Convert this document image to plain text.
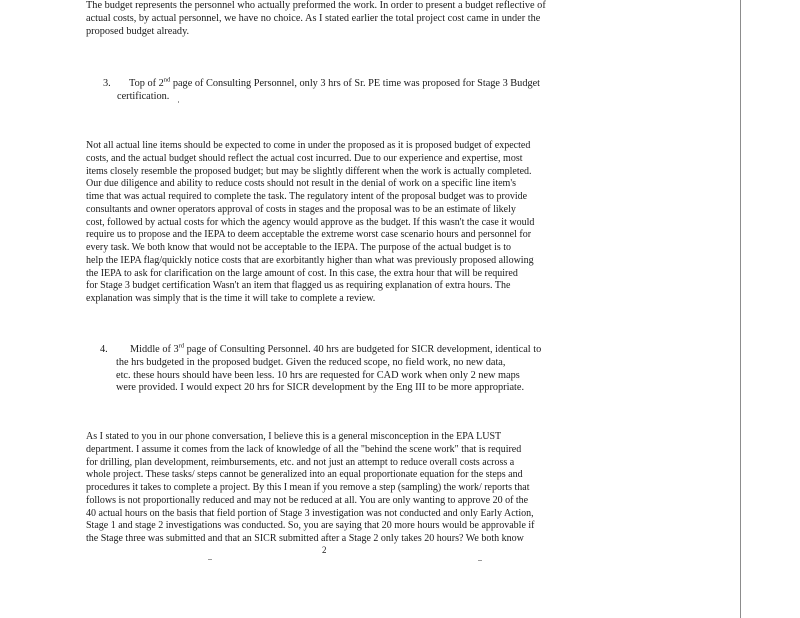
The budget represents the personnel who actually preformed the work. In order to present a budget reflective of
actual costs, by actual personnel, we have no choice. As I stated earlier the total project cost came in under the
proposed budget already.
3. Top of 2nd page of Consulting Personnel, only 3 hrs of Sr. PE time was proposed for Stage 3 Budget
certification.
Not all actual line items should be expected to come in under the proposed as it is proposed budget of expected
costs, and the actual budget should reflect the actual cost incurred. Due to our experience and expertise, most
items closely resemble the proposed budget; but may be slightly different when the work is actually completed.
Our due diligence and ability to reduce costs should not result in the denial of work on a specific line item's
time that was actual required to complete the task. The regulatory intent of the proposal budget was to provide
consultants and owner operators approval of costs in stages and the proposal was to be an estimate of likely
cost, followed by actual costs for which the agency would approve as the budget. If this wasn't the case it would
require us to propose and the IEPA to deem acceptable the extreme worst case scenario hours and personnel for
every task. We both know that would not be acceptable to the IEPA. The purpose of the actual budget is to
help the IEPA flag/quickly notice costs that are exorbitantly higher than what was previously proposed allowing
the IEPA to ask for clarification on the large amount of cost. In this case, the extra hour that will be required
for Stage 3 budget certification Wasn't an item that flagged us as requiring explanation of extra hours. The
explanation was simply that is the time it will take to complete a review.
4. Middle of 3rd page of Consulting Personnel. 40 hrs are budgeted for SICR development, identical to
the hrs budgeted in the proposed budget. Given the reduced scope, no field work, no new data,
etc. these hours should have been less. 10 hrs are requested for CAD work when only 2 new maps
were provided. I would expect 20 hrs for SICR development by the Eng III to be more appropriate.
As I stated to you in our phone conversation, I believe this is a general misconception in the EPA LUST
department. I assume it comes from the lack of knowledge of all the "behind the scene work" that is required
for drilling, plan development, reimbursements, etc. and not just an attempt to reduce overall costs across a
whole project. These tasks/ steps cannot be generalized into an equal proportionate equation for the steps and
procedures it takes to complete a project. By this I mean if you remove a step (sampling) the work/ reports that
follows is not proportionally reduced and may not be reduced at all. You are only wanting to approve 20 of the
40 actual hours on the basis that field portion of Stage 3 investigation was not conducted and only Early Action,
Stage 1 and stage 2 investigations was conducted. So, you are saying that 20 more hours would be approvable if
the Stage three was submitted and that an SICR submitted after a Stage 2 only takes 20 hours? We both know
2
